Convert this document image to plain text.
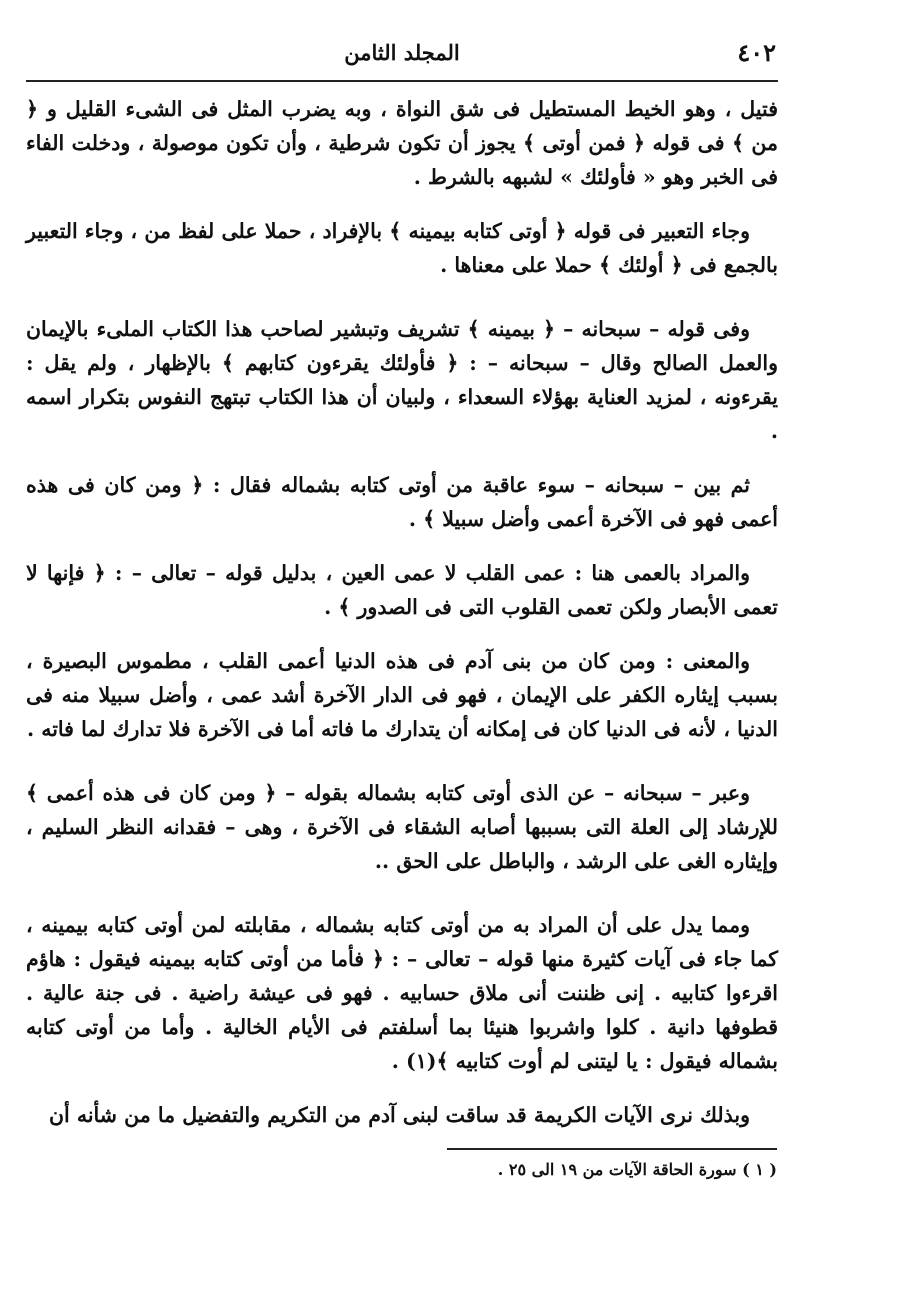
٤٠٢
المجلد الثامن

فتيل ، وهو الخيط المستطيل فى شق النواة ، وبه يضرب المثل فى الشىء القليل و ﴿ من ﴾ فى قوله ﴿ فمن أوتى ﴾ يجوز أن تكون شرطية ، وأن تكون موصولة ، ودخلت الفاء فى الخبر وهو « فأولئك » لشبهه بالشرط .

وجاء التعبير فى قوله ﴿ أوتى كتابه بيمينه ﴾ بالإفراد ، حملا على لفظ من ، وجاء التعبير بالجمع فى ﴿ أولئك ﴾ حملا على معناها .

وفى قوله – سبحانه – ﴿ بيمينه ﴾ تشريف وتبشير لصاحب هذا الكتاب الملىء بالإيمان والعمل الصالح وقال – سبحانه – : ﴿ فأولئك يقرءون كتابهم ﴾ بالإظهار ، ولم يقل : يقرءونه ، لمزيد العناية بهؤلاء السعداء ، ولبيان أن هذا الكتاب تبتهج النفوس بتكرار اسمه .

ثم بين – سبحانه – سوء عاقبة من أوتى كتابه بشماله فقال : ﴿ ومن كان فى هذه أعمى فهو فى الآخرة أعمى وأضل سبيلا ﴾ .

والمراد بالعمى هنا : عمى القلب لا عمى العين ، بدليل قوله – تعالى – : ﴿ فإنها لا تعمى الأبصار ولكن تعمى القلوب التى فى الصدور ﴾ .

والمعنى : ومن كان من بنى آدم فى هذه الدنيا أعمى القلب ، مطموس البصيرة ، بسبب إيثاره الكفر على الإيمان ، فهو فى الدار الآخرة أشد عمى ، وأضل سبيلا منه فى الدنيا ، لأنه فى الدنيا كان فى إمكانه أن يتدارك ما فاته أما فى الآخرة فلا تدارك لما فاته .

وعبر – سبحانه – عن الذى أوتى كتابه بشماله بقوله – ﴿ ومن كان فى هذه أعمى ﴾ للإرشاد إلى العلة التى بسببها أصابه الشقاء فى الآخرة ، وهى – فقدانه النظر السليم ، وإيثاره الغى على الرشد ، والباطل على الحق ..

ومما يدل على أن المراد به من أوتى كتابه بشماله ، مقابلته لمن أوتى كتابه بيمينه ، كما جاء فى آيات كثيرة منها قوله – تعالى – : ﴿ فأما من أوتى كتابه بيمينه فيقول : هاؤم اقرءوا كتابيه . إنى ظننت أنى ملاق حسابيه . فهو فى عيشة راضية . فى جنة عالية . قطوفها دانية . كلوا واشربوا هنيئا بما أسلفتم فى الأيام الخالية . وأما من أوتى كتابه بشماله فيقول : يا ليتنى لم أوت كتابيه ﴾(١) .

وبذلك نرى الآيات الكريمة قد ساقت لبنى آدم من التكريم والتفضيل ما من شأنه أن

( ١ ) سورة الحاقة الآيات من ١٩ الى ٢٥ .
